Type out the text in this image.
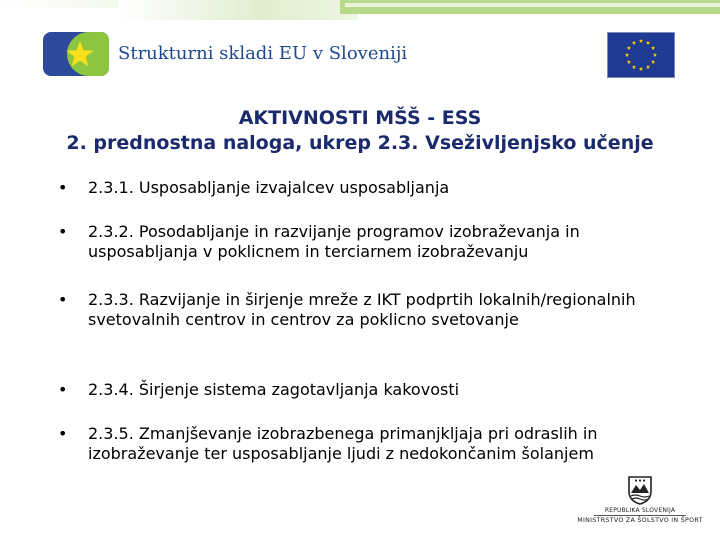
Strukturni skladi EU v Sloveniji
AKTIVNOSTI MŠŠ - ESS
2. prednostna naloga, ukrep 2.3. Vseživljenjsko učenje
• 2.3.1. Usposabljanje izvajalcev usposabljanja
• 2.3.2. Posodabljanje in razvijanje programov izobraževanja in usposabljanja v poklicnem in terciarnem izobraževanju
• 2.3.3. Razvijanje in širjenje mreže z IKT podprtih lokalnih/regionalnih svetovalnih centrov in centrov za poklicno svetovanje
• 2.3.4. Širjenje sistema zagotavljanja kakovosti
• 2.3.5. Zmanjševanje izobrazbenega primanjkljaja pri odraslih in izobraževanje ter usposabljanje ljudi z nedokončanim šolanjem
REPUBLIKA SLOVENIJA
MINISTRSTVO ZA ŠOLSTVO IN ŠPORT
